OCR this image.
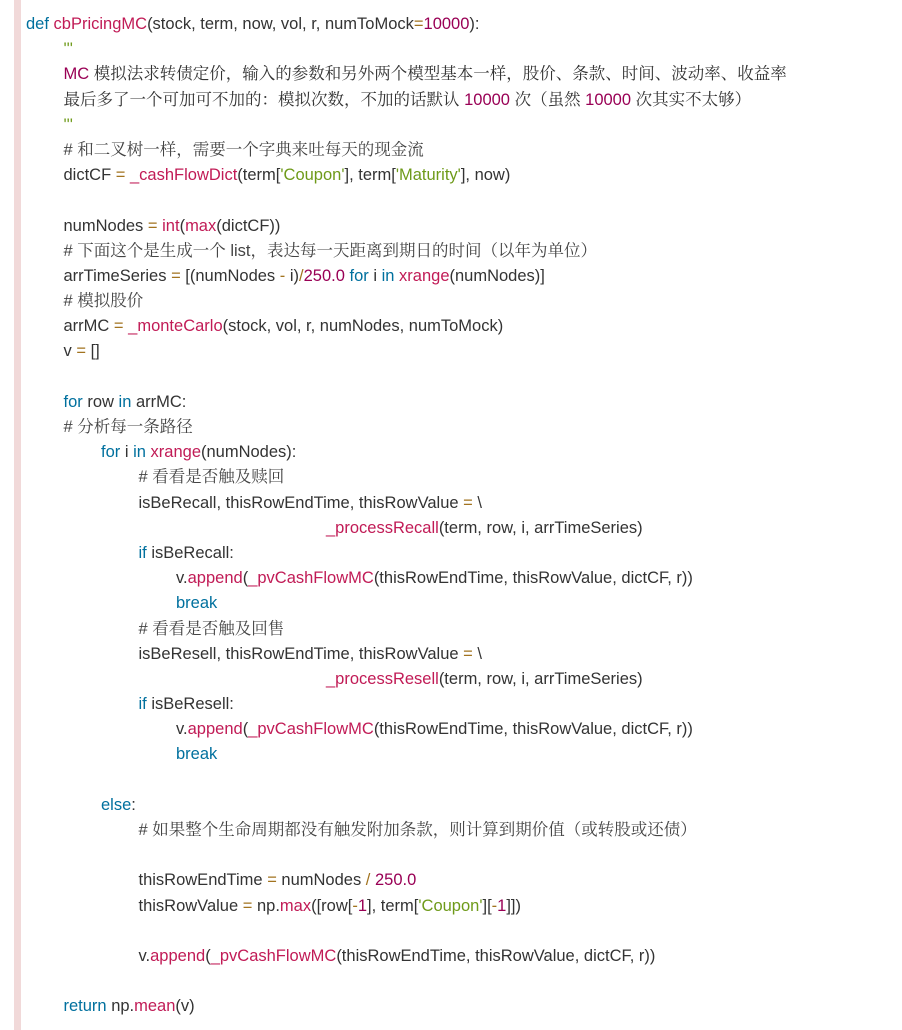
def cbPricingMC(stock, term, now, vol, r, numToMock=10000):
'''
MC 模拟法求转债定价，输入的参数和另外两个模型基本一样，股价、条款、时间、波动率、收益率
最后多了一个可加可不加的：模拟次数，不加的话默认 10000 次（虽然 10000 次其实不太够）
'''
# 和二叉树一样，需要一个字典来吐每天的现金流
dictCF = _cashFlowDict(term['Coupon'], term['Maturity'], now)
numNodes = int(max(dictCF))
# 下面这个是生成一个 list，表达每一天距离到期日的时间（以年为单位）
arrTimeSeries = [(numNodes - i)/250.0 for i in xrange(numNodes)]
# 模拟股价
arrMC = _monteCarlo(stock, vol, r, numNodes, numToMock)
v = []
for row in arrMC:
# 分析每一条路径
for i in xrange(numNodes):
# 看看是否触及赎回
isBeRecall, thisRowEndTime, thisRowValue = \
_processRecall(term, row, i, arrTimeSeries)
if isBeRecall:
v.append(_pvCashFlowMC(thisRowEndTime, thisRowValue, dictCF, r))
break
# 看看是否触及回售
isBeResell, thisRowEndTime, thisRowValue = \
_processResell(term, row, i, arrTimeSeries)
if isBeResell:
v.append(_pvCashFlowMC(thisRowEndTime, thisRowValue, dictCF, r))
break
else:
# 如果整个生命周期都没有触发附加条款，则计算到期价值（或转股或还债）
thisRowEndTime = numNodes / 250.0
thisRowValue = np.max([row[-1], term['Coupon'][-1]])
v.append(_pvCashFlowMC(thisRowEndTime, thisRowValue, dictCF, r))
return np.mean(v)
